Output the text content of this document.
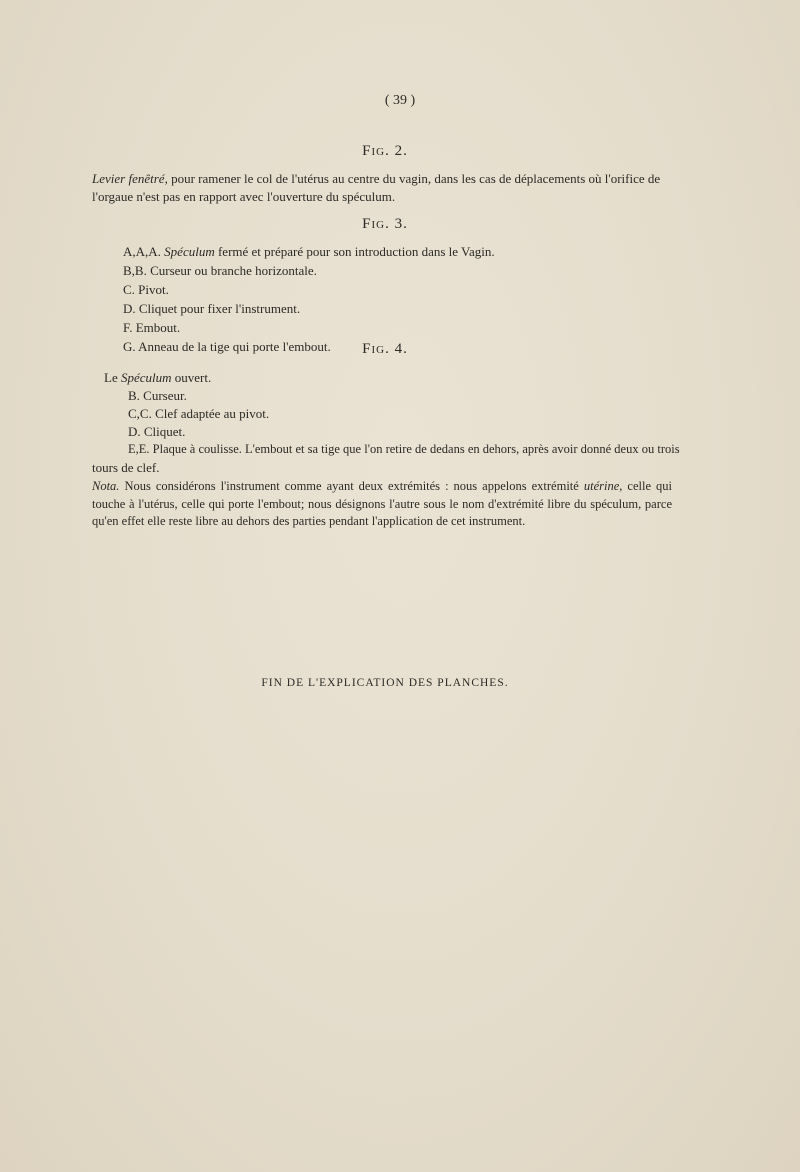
( 39 )
Fig. 2.
Levier fenêtré, pour ramener le col de l'utérus au centre du vagin, dans les cas de déplacements où l'orifice de l'orgaue n'est pas en rapport avec l'ouverture du spéculum.
Fig. 3.
A,A,A. Spéculum fermé et préparé pour son introduction dans le Vagin.
B,B. Curseur ou branche horizontale.
C. Pivot.
D. Cliquet pour fixer l'instrument.
F. Embout.
G. Anneau de la tige qui porte l'embout.	Fig. 4.
Le Spéculum ouvert.
B. Curseur.
C,C. Clef adaptée au pivot.
D. Cliquet.
E,E. Plaque à coulisse. L'embout et sa tige que l'on retire de dedans en dehors, après avoir donné deux ou trois
tours de clef.
Nota. Nous considérons l'instrument comme ayant deux extrémités : nous appelons extrémité utérine, celle qui touche à l'utérus, celle qui porte l'embout; nous désignons l'autre sous le nom d'extrémité libre du spéculum, parce qu'en effet elle reste libre au dehors des parties pendant l'application de cet instrument.
FIN DE L'EXPLICATION DES PLANCHES.
